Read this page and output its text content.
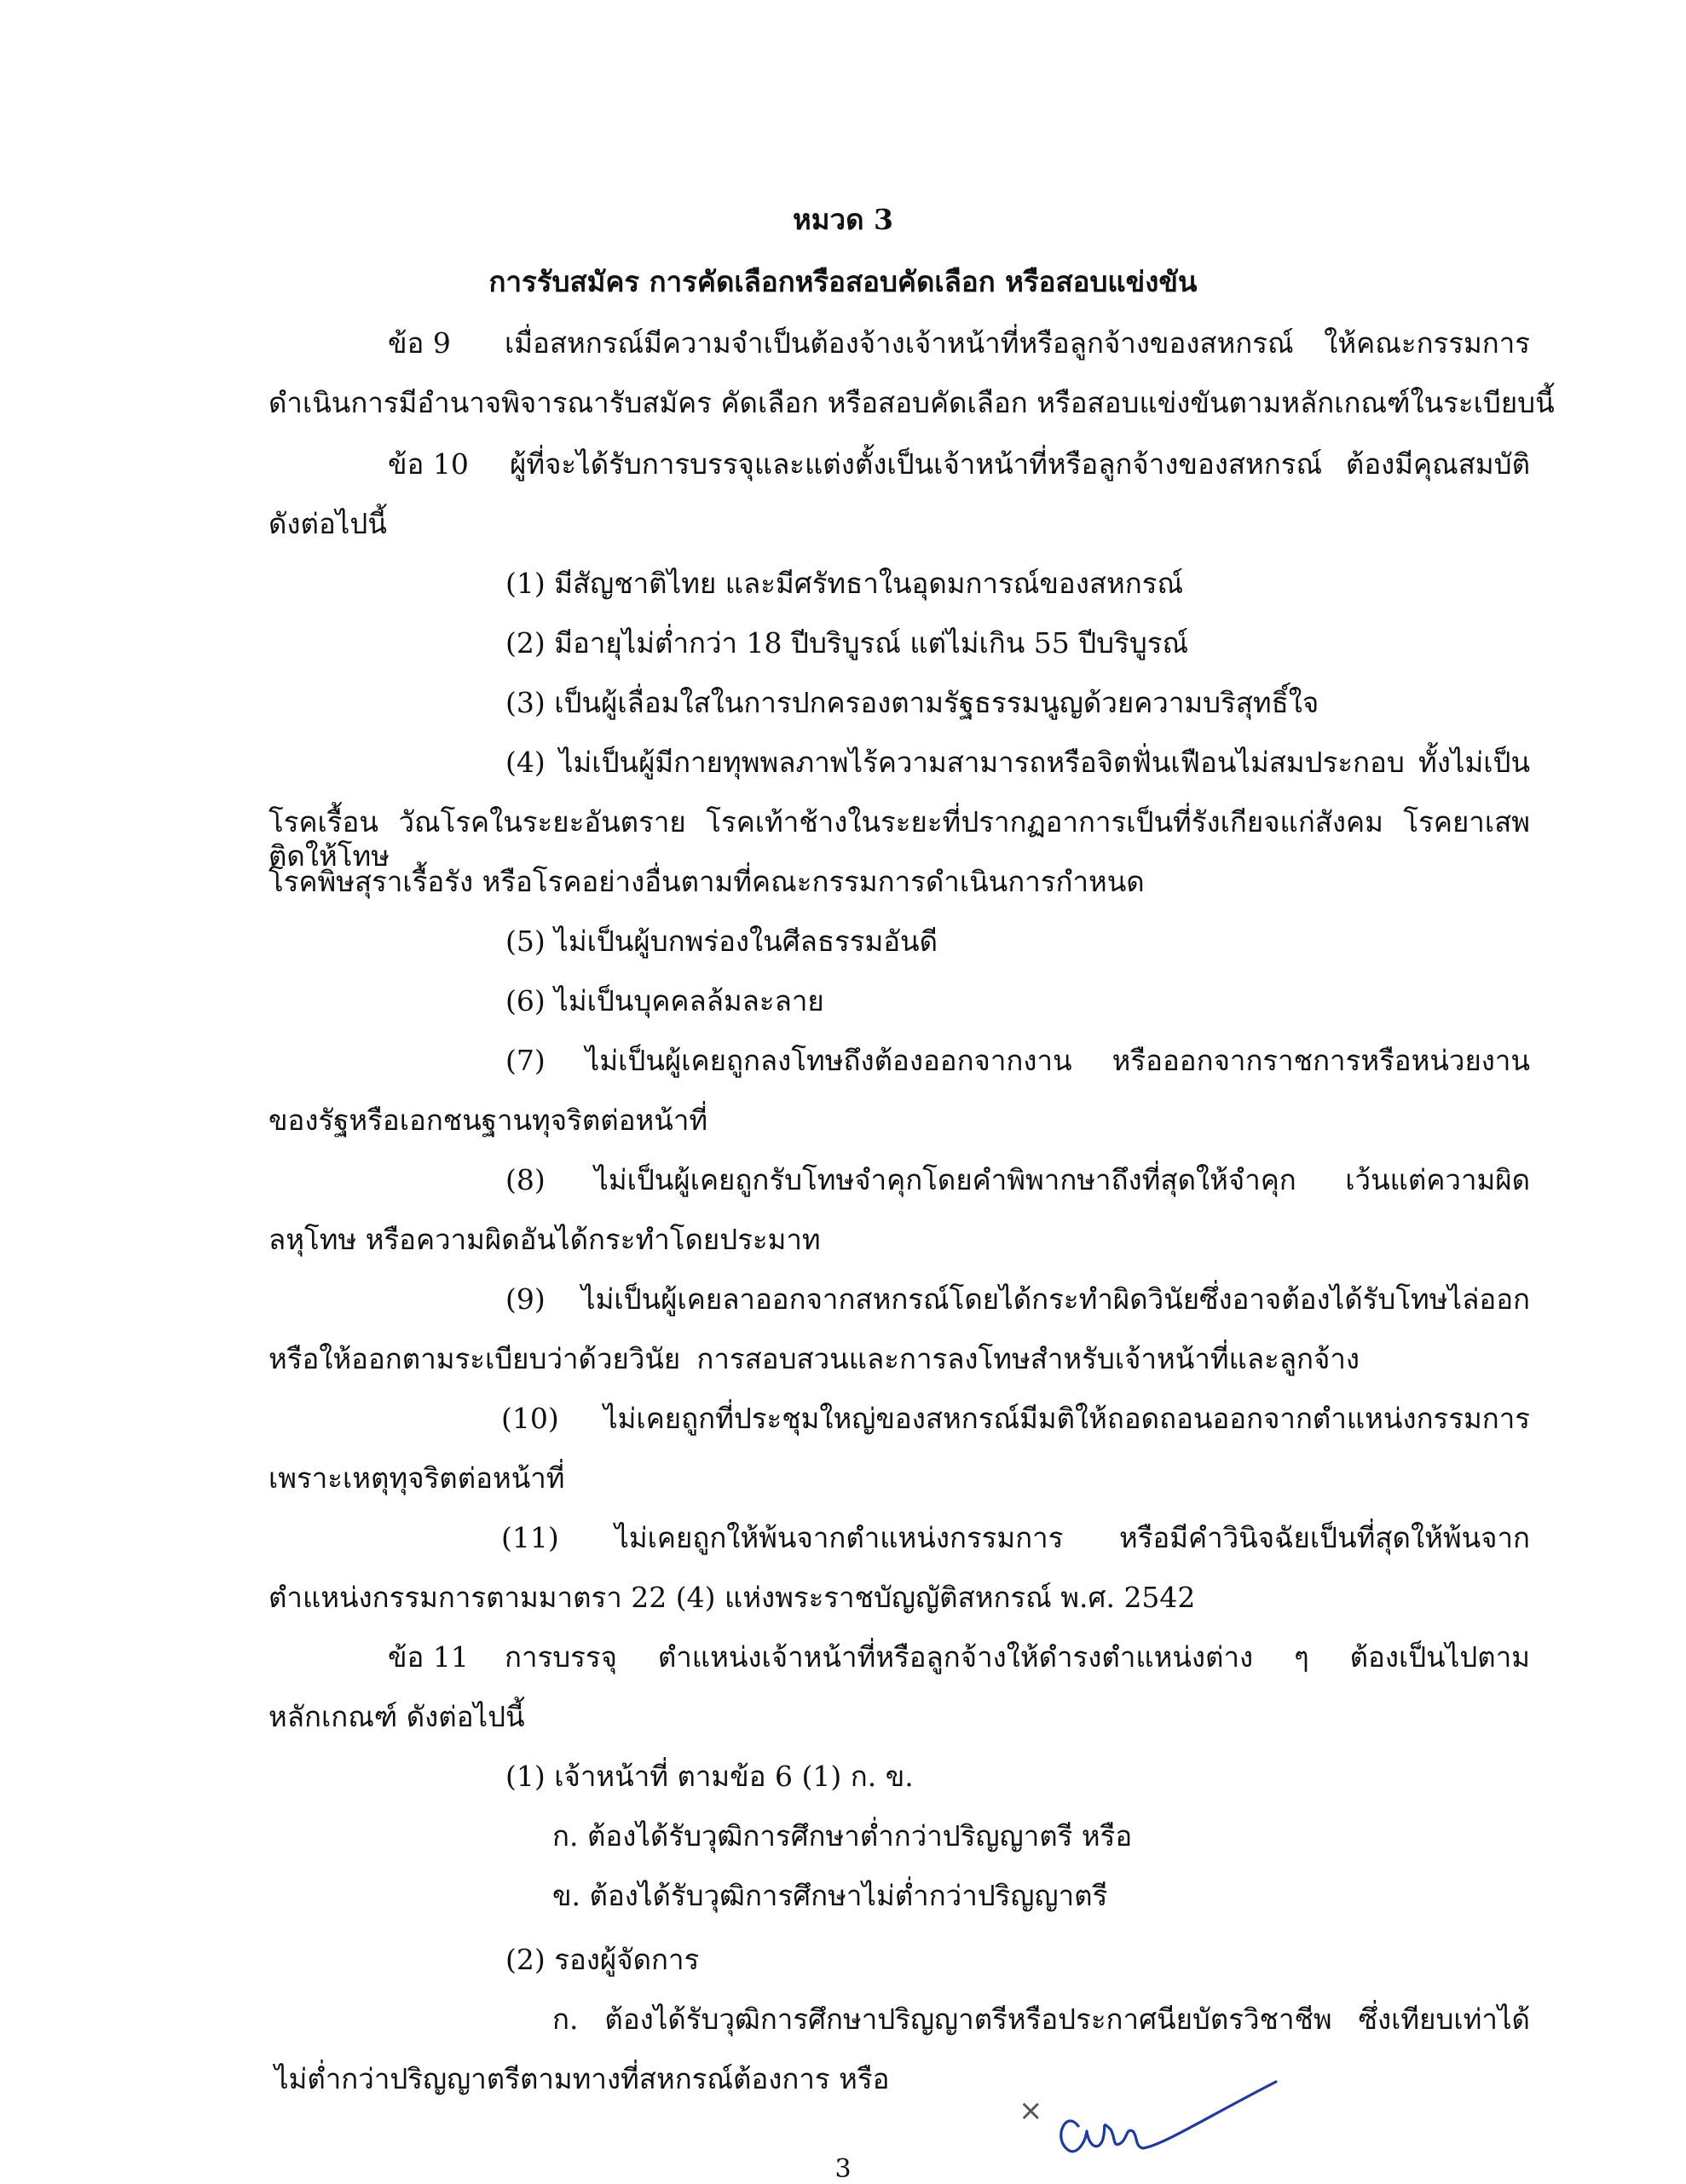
หมวด 3
การรับสมัคร การคัดเลือกหรือสอบคัดเลือก หรือสอบแข่งขัน
ข้อ 9 เมื่อสหกรณ์มีความจำเป็นต้องจ้างเจ้าหน้าที่หรือลูกจ้างของสหกรณ์ ให้คณะกรรมการ
ดำเนินการมีอำนาจพิจารณารับสมัคร คัดเลือก หรือสอบคัดเลือก หรือสอบแข่งขันตามหลักเกณฑ์ในระเบียบนี้
ข้อ 10 ผู้ที่จะได้รับการบรรจุและแต่งตั้งเป็นเจ้าหน้าที่หรือลูกจ้างของสหกรณ์ ต้องมีคุณสมบัติ
ดังต่อไปนี้
(1) มีสัญชาติไทย และมีศรัทธาในอุดมการณ์ของสหกรณ์
(2) มีอายุไม่ต่ำกว่า 18 ปีบริบูรณ์ แต่ไม่เกิน 55 ปีบริบูรณ์
(3) เป็นผู้เลื่อมใสในการปกครองตามรัฐธรรมนูญด้วยความบริสุทธิ์ใจ
(4) ไม่เป็นผู้มีกายทุพพลภาพไร้ความสามารถหรือจิตฟั่นเฟือนไม่สมประกอบ ทั้งไม่เป็น
โรคเรื้อน วัณโรคในระยะอันตราย โรคเท้าช้างในระยะที่ปรากฏอาการเป็นที่รังเกียจแก่สังคม โรคยาเสพติดให้โทษ
โรคพิษสุราเรื้อรัง หรือโรคอย่างอื่นตามที่คณะกรรมการดำเนินการกำหนด
(5) ไม่เป็นผู้บกพร่องในศีลธรรมอันดี
(6) ไม่เป็นบุคคลล้มละลาย
(7) ไม่เป็นผู้เคยถูกลงโทษถึงต้องออกจากงาน หรือออกจากราชการหรือหน่วยงาน
ของรัฐหรือเอกชนฐานทุจริตต่อหน้าที่
(8) ไม่เป็นผู้เคยถูกรับโทษจำคุกโดยคำพิพากษาถึงที่สุดให้จำคุก เว้นแต่ความผิด
ลหุโทษ หรือความผิดอันได้กระทำโดยประมาท
(9) ไม่เป็นผู้เคยลาออกจากสหกรณ์โดยได้กระทำผิดวินัยซึ่งอาจต้องได้รับโทษไล่ออก
หรือให้ออกตามระเบียบว่าด้วยวินัย การสอบสวนและการลงโทษสำหรับเจ้าหน้าที่และลูกจ้าง
(10) ไม่เคยถูกที่ประชุมใหญ่ของสหกรณ์มีมติให้ถอดถอนออกจากตำแหน่งกรรมการ
เพราะเหตุทุจริตต่อหน้าที่
(11) ไม่เคยถูกให้พ้นจากตำแหน่งกรรมการ หรือมีคำวินิจฉัยเป็นที่สุดให้พ้นจาก
ตำแหน่งกรรมการตามมาตรา 22 (4) แห่งพระราชบัญญัติสหกรณ์ พ.ศ. 2542
ข้อ 11 การบรรจุ ตำแหน่งเจ้าหน้าที่หรือลูกจ้างให้ดำรงตำแหน่งต่าง ๆ ต้องเป็นไปตาม
หลักเกณฑ์ ดังต่อไปนี้
(1) เจ้าหน้าที่ ตามข้อ 6 (1) ก. ข.
ก. ต้องได้รับวุฒิการศึกษาต่ำกว่าปริญญาตรี หรือ
ข. ต้องได้รับวุฒิการศึกษาไม่ต่ำกว่าปริญญาตรี
(2) รองผู้จัดการ
ก. ต้องได้รับวุฒิการศึกษาปริญญาตรีหรือประกาศนียบัตรวิชาชีพ ซึ่งเทียบเท่าได้
ไม่ต่ำกว่าปริญญาตรีตามทางที่สหกรณ์ต้องการ หรือ
×
3
